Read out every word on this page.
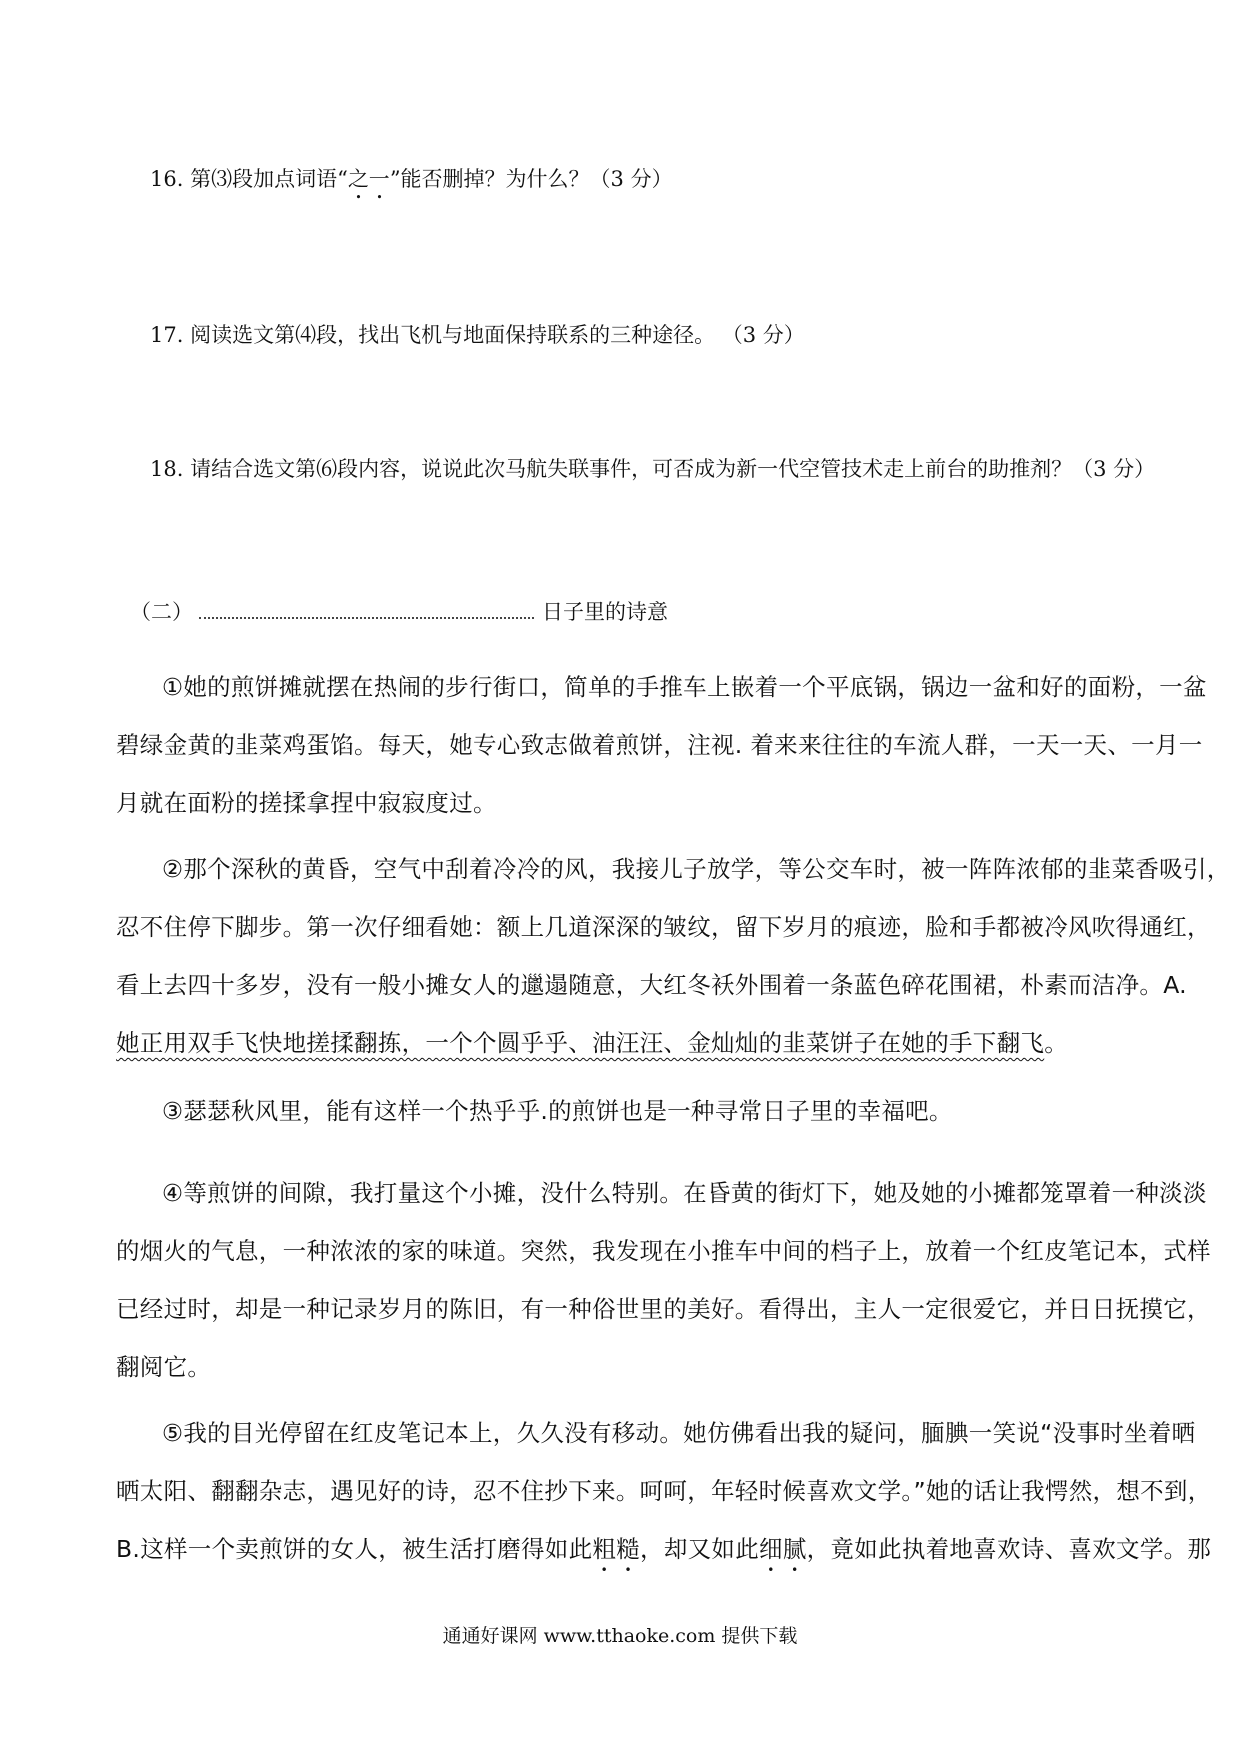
16. 第⑶段加点词语“之一”能否删掉？为什么？（3 分）
17. 阅读选文第⑷段，找出飞机与地面保持联系的三种途径。 （3 分）
18. 请结合选文第⑹段内容，说说此次马航失联事件，可否成为新一代空管技术走上前台的助推剂？（3 分）
（二）	日子里的诗意
①她的煎饼摊就摆在热闹的步行街口，简单的手推车上嵌着一个平底锅，锅边一盆和好的面粉，一盆
碧绿金黄的韭菜鸡蛋馅。每天，她专心致志做着煎饼，注视. 着来来往往的车流人群，一天一天、一月一
月就在面粉的搓揉拿捏中寂寂度过。
②那个深秋的黄昏，空气中刮着冷冷的风，我接儿子放学，等公交车时，被一阵阵浓郁的韭菜香吸引，
忍不住停下脚步。第一次仔细看她：额上几道深深的皱纹，留下岁月的痕迹，脸和手都被冷风吹得通红，
看上去四十多岁，没有一般小摊女人的邋遢随意，大红冬袄外围着一条蓝色碎花围裙，朴素而洁净。A.
她正用双手飞快地搓揉翻拣，一个个圆乎乎、油汪汪、金灿灿的韭菜饼子在她的手下翻飞。
③瑟瑟秋风里，能有这样一个热乎乎.的煎饼也是一种寻常日子里的幸福吧。
④等煎饼的间隙，我打量这个小摊，没什么特别。在昏黄的街灯下，她及她的小摊都笼罩着一种淡淡
的烟火的气息，一种浓浓的家的味道。突然，我发现在小推车中间的档子上，放着一个红皮笔记本，式样
已经过时，却是一种记录岁月的陈旧，有一种俗世里的美好。看得出，主人一定很爱它，并日日抚摸它，
翻阅它。
⑤我的目光停留在红皮笔记本上，久久没有移动。她仿佛看出我的疑问，腼腆一笑说“没事时坐着晒
晒太阳、翻翻杂志，遇见好的诗，忍不住抄下来。呵呵，年轻时候喜欢文学。”她的话让我愕然，想不到，
B.这样一个卖煎饼的女人，被生活打磨得如此粗糙，却又如此细腻，竟如此执着地喜欢诗、喜欢文学。那
通通好课网 www.tthaoke.com 提供下载
